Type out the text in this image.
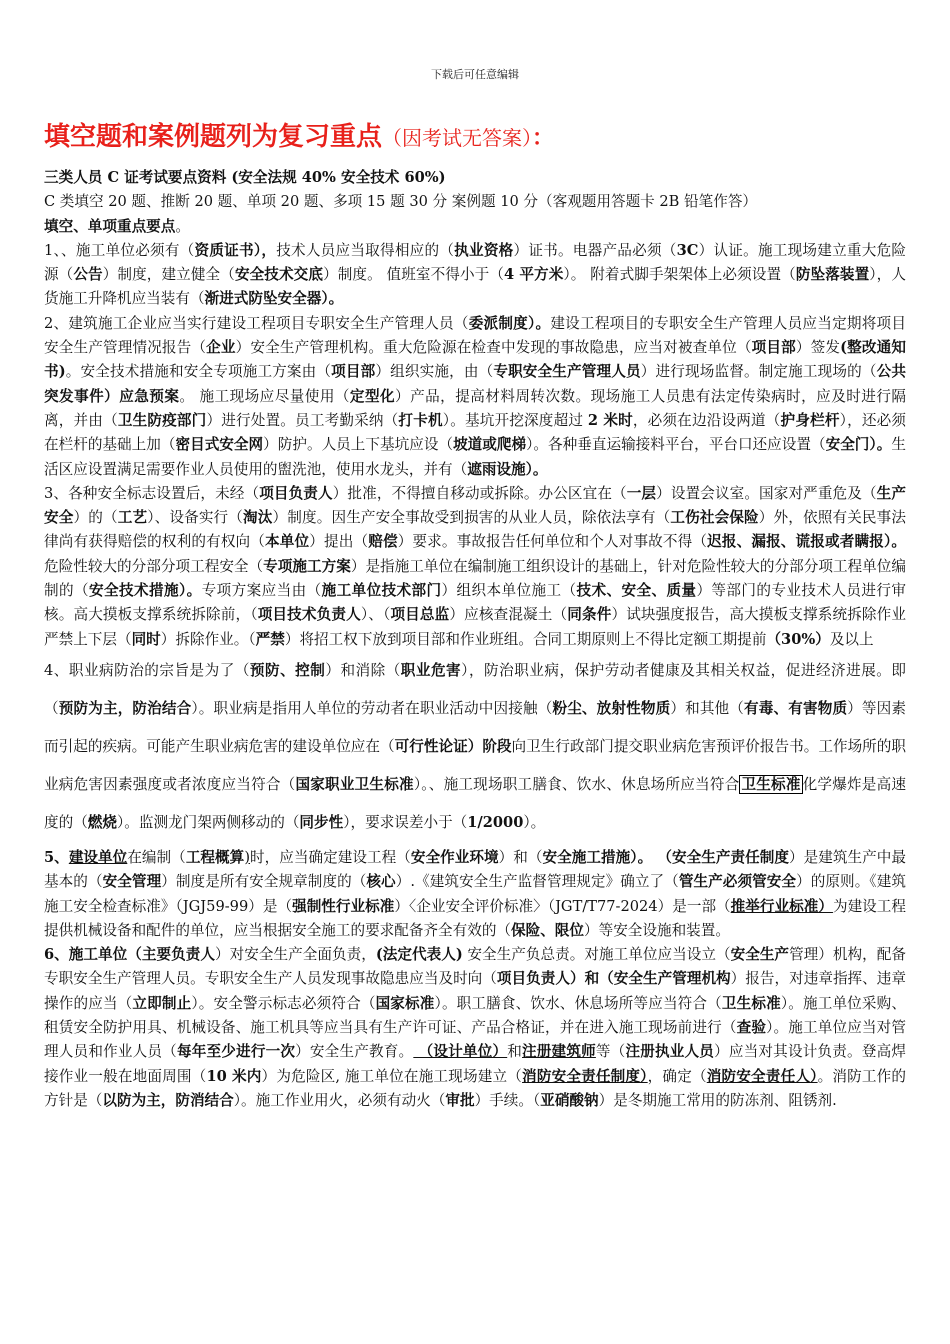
下载后可任意编辑
填空题和案例题列为复习重点（因考试无答案）：

三类人员 C 证考试要点资料 (安全法规 40% 安全技术 60%)

C 类填空 20 题、推断 20 题、单项 20 题、多项 15 题 30 分 案例题 10 分（客观题用答题卡 2B 铅笔作答）

填空、单项重点要点。

1、、施工单位必须有（资质证书），技术人员应当取得相应的（执业资格）证书。电器产品必须（3C）认证。施工现场建立重大危险源（公告）制度，建立健全（安全技术交底）制度。 值班室不得小于（4 平方米）。 附着式脚手架架体上必须设置（防坠落装置），人货施工升降机应当装有（渐进式防坠安全器）。

2、建筑施工企业应当实行建设工程项目专职安全生产管理人员（委派制度）。建设工程项目的专职安全生产管理人员应当定期将项目安全生产管理情况报告（企业）安全生产管理机构。重大危险源在检查中发现的事故隐患，应当对被查单位（项目部）签发(整改通知书)。安全技术措施和安全专项施工方案由（项目部）组织实施，由（专职安全生产管理人员）进行现场监督。制定施工现场的（公共突发事件）应急预案。 施工现场应尽量使用（定型化）产品，提高材料周转次数。现场施工人员患有法定传染病时，应及时进行隔离，并由（卫生防疫部门）进行处置。员工考勤采纳（打卡机）。基坑开挖深度超过 2 米时，必须在边沿设两道（护身栏杆），还必须在栏杆的基础上加（密目式安全网）防护。人员上下基坑应设（坡道或爬梯）。各种垂直运输接料平台，平台口还应设置（安全门）。生活区应设置满足需要作业人员使用的盥洗池，使用水龙头，并有（遮雨设施）。

3、各种安全标志设置后，未经（项目负责人）批准，不得擅自移动或拆除。办公区宜在（一层）设置会议室。国家对严重危及（生产安全）的（工艺）、设备实行（淘汰）制度。因生产安全事故受到损害的从业人员，除依法享有（工伤社会保险）外，依照有关民事法律尚有获得赔偿的权利的有权向（本单位）提出（赔偿）要求。事故报告任何单位和个人对事故不得（迟报、漏报、谎报或者瞒报）。危险性较大的分部分项工程安全（专项施工方案）是指施工单位在编制施工组织设计的基础上，针对危险性较大的分部分项工程单位编制的（安全技术措施）。专项方案应当由（施工单位技术部门）组织本单位施工（技术、安全、质量）等部门的专业技术人员进行审核。高大摸板支撑系统拆除前，（项目技术负责人）、（项目总监）应核查混凝土（同条件）试块强度报告，高大摸板支撑系统拆除作业严禁上下层（同时）拆除作业。（严禁）将招工权下放到项目部和作业班组。合同工期原则上不得比定额工期提前（30%）及以上

4、职业病防治的宗旨是为了（预防、控制）和消除（职业危害），防治职业病，保护劳动者健康及其相关权益，促进经济进展。即（预防为主，防治结合）。职业病是指用人单位的劳动者在职业活动中因接触（粉尘、放射性物质）和其他（有毒、有害物质）等因素而引起的疾病。可能产生职业病危害的建设单位应在（可行性论证）阶段向卫生行政部门提交职业病危害预评价报告书。工作场所的职业病危害因素强度或者浓度应当符合（国家职业卫生标准）。、施工现场职工膳食、饮水、休息场所应当符合 卫生标准 化学爆炸是高速度的（燃烧）。监测龙门架两侧移动的（同步性），要求误差小于（1/2000）。

5、建设单位在编制（工程概算)时，应当确定建设工程（安全作业环境）和（安全施工措施）。 （安全生产责任制度）是建筑生产中最基本的（安全管理）制度是所有安全规章制度的（核心）.《建筑安全生产监督管理规定》确立了（管生产必须管安全）的原则。《建筑施工安全检查标准》（JGJ59-99）是（强制性行业标准）〈企业安全评价标准〉（JGT/T77-2024）是一部（推举行业标准）为建设工程提供机械设备和配件的单位，应当根据安全施工的要求配备齐全有效的（保险、限位）等安全设施和装置。

6、施工单位（主要负责人）对安全生产全面负责，(法定代表人) 安全生产负总责。对施工单位应当设立（安全生产管理）机构，配备专职安全生产管理人员。专职安全生产人员发现事故隐患应当及时向（项目负责人）和（安全生产管理机构）报告，对违章指挥、违章操作的应当（立即制止）。安全警示标志必须符合（国家标准）。职工膳食、饮水、休息场所等应当符合（卫生标准）。施工单位采购、租赁安全防护用具、机械设备、施工机具等应当具有生产许可证、产品合格证，并在进入施工现场前进行（查验）。施工单位应当对管理人员和作业人员（每年至少进行一次）安全生产教育。 （设计单位）和注册建筑师等（注册执业人员）应当对其设计负责。登高焊接作业一般在地面周围（10 米内）为危险区, 施工单位在施工现场建立（消防安全责任制度），确定（消防安全责任人）。消防工作的方针是（以防为主，防消结合）。施工作业用火，必须有动火（审批）手续。（亚硝酸钠）是冬期施工常用的防冻剂、阻锈剂.
